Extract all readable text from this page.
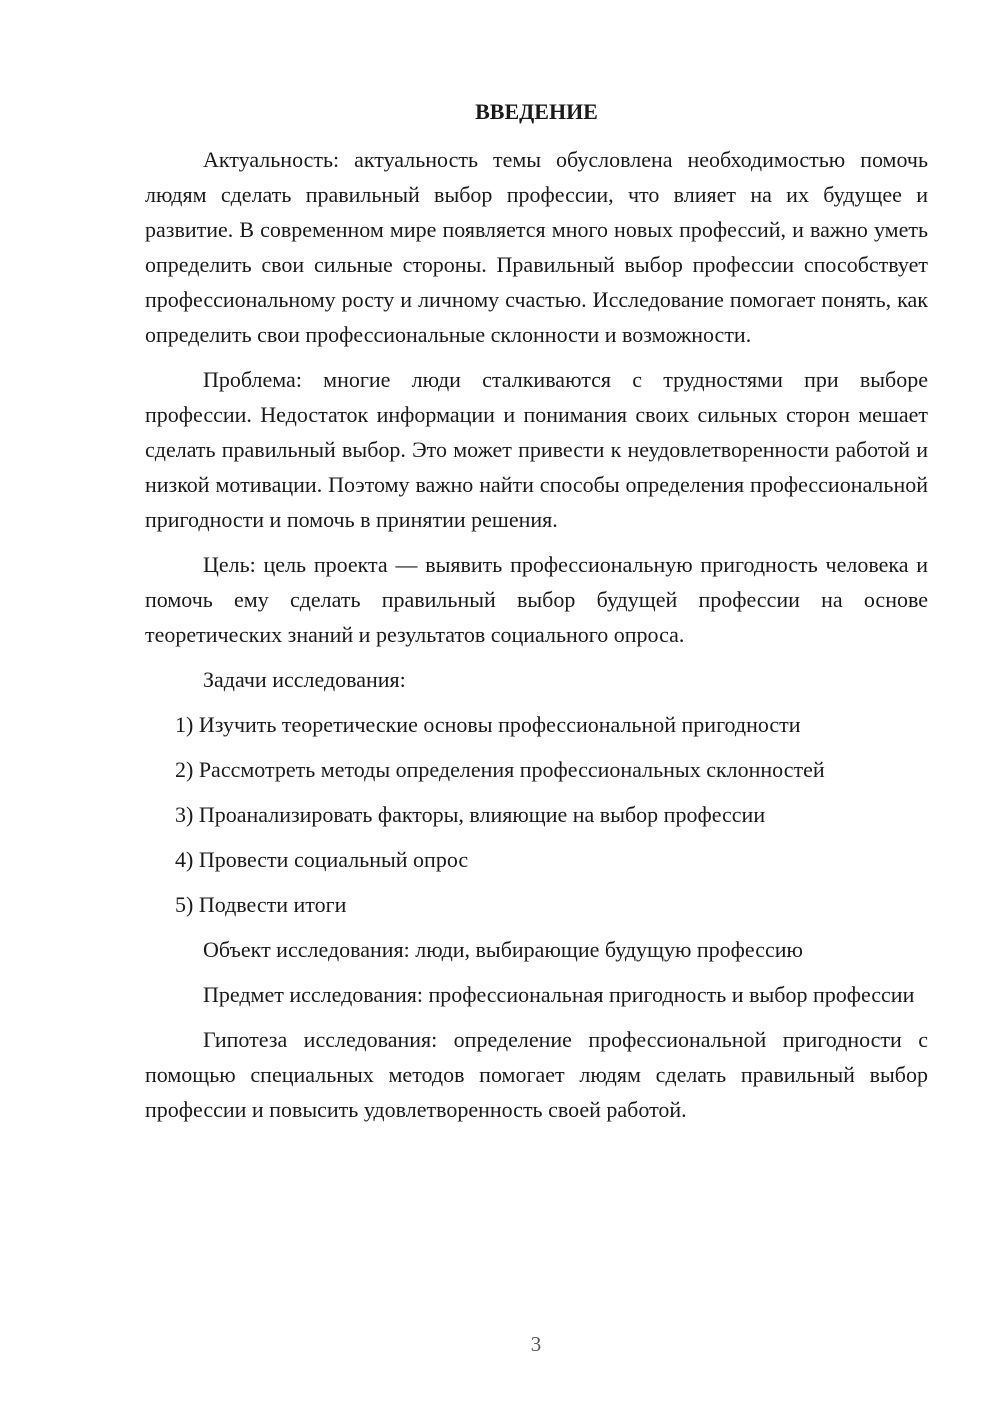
ВВЕДЕНИЕ

Актуальность: актуальность темы обусловлена необходимостью помочь людям сделать правильный выбор профессии, что влияет на их будущее и развитие. В современном мире появляется много новых профессий, и важно уметь определить свои сильные стороны. Правильный выбор профессии способствует профессиональному росту и личному счастью. Исследование помогает понять, как определить свои профессиональные склонности и возможности.

Проблема: многие люди сталкиваются с трудностями при выборе профессии. Недостаток информации и понимания своих сильных сторон мешает сделать правильный выбор. Это может привести к неудовлетворенности работой и низкой мотивации. Поэтому важно найти способы определения профессиональной пригодности и помочь в принятии решения.

Цель: цель проекта — выявить профессиональную пригодность человека и помочь ему сделать правильный выбор будущей профессии на основе теоретических знаний и результатов социального опроса.

Задачи исследования:

1) Изучить теоретические основы профессиональной пригодности

2) Рассмотреть методы определения профессиональных склонностей

3) Проанализировать факторы, влияющие на выбор профессии

4) Провести социальный опрос

5) Подвести итоги

Объект исследования: люди, выбирающие будущую профессию

Предмет исследования: профессиональная пригодность и выбор профессии

Гипотеза исследования: определение профессиональной пригодности с помощью специальных методов помогает людям сделать правильный выбор профессии и повысить удовлетворенность своей работой.

3
